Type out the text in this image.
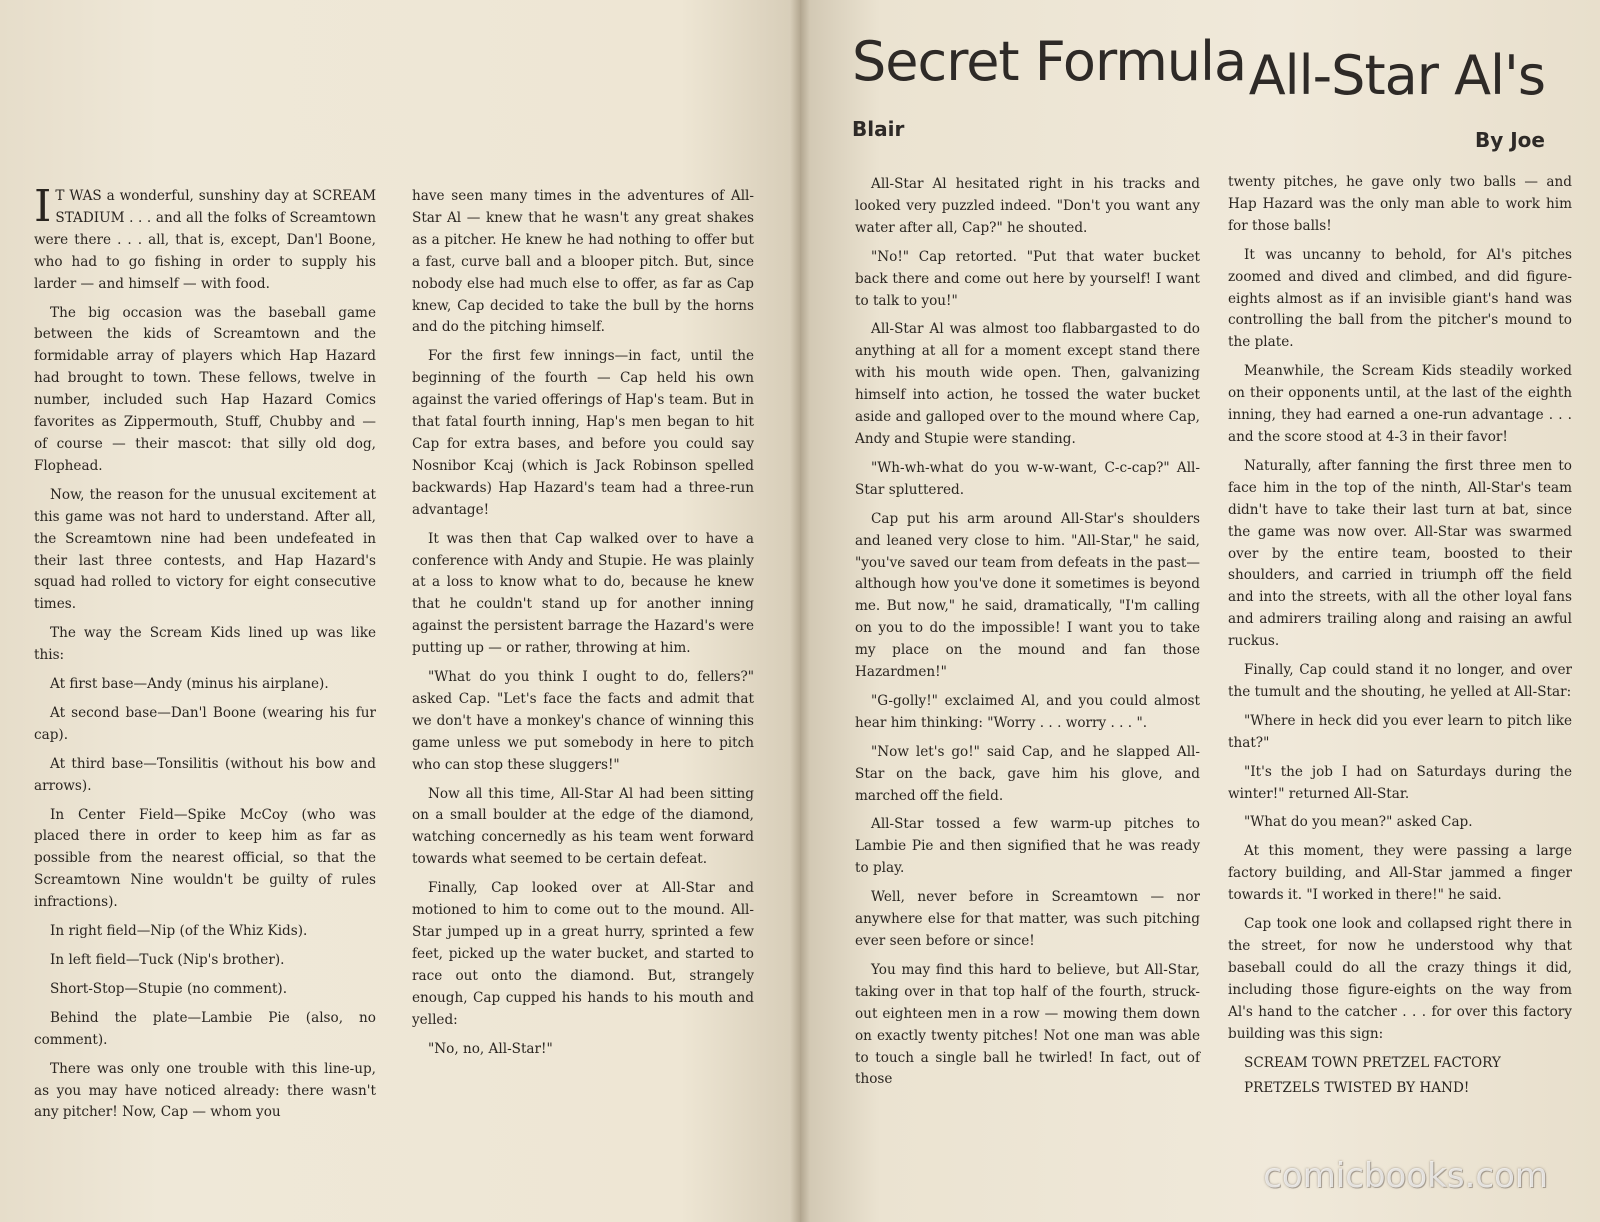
All-Star Al's
By Joe
Secret Formula
Blair

I T WAS a wonderful, sunshiny day at SCREAM STADIUM . . . and all the folks of Screamtown were there . . . all, that is, except, Dan'l Boone, who had to go fishing in order to supply his larder — and himself — with food.

The big occasion was the baseball game between the kids of Screamtown and the formidable array of players which Hap Hazard had brought to town. These fellows, twelve in number, included such Hap Hazard Comics favorites as Zippermouth, Stuff, Chubby and — of course — their mascot: that silly old dog, Flophead.

Now, the reason for the unusual excitement at this game was not hard to understand. After all, the Screamtown nine had been undefeated in their last three contests, and Hap Hazard's squad had rolled to victory for eight consecutive times.

The way the Scream Kids lined up was like this:

At first base—Andy (minus his airplane).

At second base—Dan'l Boone (wearing his fur cap).

At third base—Tonsilitis (without his bow and arrows).

In Center Field—Spike McCoy (who was placed there in order to keep him as far as possible from the nearest official, so that the Screamtown Nine wouldn't be guilty of rules infractions).

In right field—Nip (of the Whiz Kids).

In left field—Tuck (Nip's brother).

Short-Stop—Stupie (no comment).

Behind the plate—Lambie Pie (also, no comment).

There was only one trouble with this line-up, as you may have noticed already: there wasn't any pitcher! Now, Cap — whom you

have seen many times in the adventures of All-Star Al — knew that he wasn't any great shakes as a pitcher. He knew he had nothing to offer but a fast, curve ball and a blooper pitch. But, since nobody else had much else to offer, as far as Cap knew, Cap decided to take the bull by the horns and do the pitching himself.

For the first few innings—in fact, until the beginning of the fourth — Cap held his own against the varied offerings of Hap's team. But in that fatal fourth inning, Hap's men began to hit Cap for extra bases, and before you could say Nosnibor Kcaj (which is Jack Robinson spelled backwards) Hap Hazard's team had a three-run advantage!

It was then that Cap walked over to have a conference with Andy and Stupie. He was plainly at a loss to know what to do, because he knew that he couldn't stand up for another inning against the persistent barrage the Hazard's were putting up — or rather, throwing at him.

"What do you think I ought to do, fellers?" asked Cap. "Let's face the facts and admit that we don't have a monkey's chance of winning this game unless we put somebody in here to pitch who can stop these sluggers!"

Now all this time, All-Star Al had been sitting on a small boulder at the edge of the diamond, watching concernedly as his team went forward towards what seemed to be certain defeat.

Finally, Cap looked over at All-Star and motioned to him to come out to the mound. All-Star jumped up in a great hurry, sprinted a few feet, picked up the water bucket, and started to race out onto the diamond. But, strangely enough, Cap cupped his hands to his mouth and yelled:

"No, no, All-Star!"

All-Star Al hesitated right in his tracks and looked very puzzled indeed. "Don't you want any water after all, Cap?" he shouted.

"No!" Cap retorted. "Put that water bucket back there and come out here by yourself! I want to talk to you!"

All-Star Al was almost too flabbargasted to do anything at all for a moment except stand there with his mouth wide open. Then, galvanizing himself into action, he tossed the water bucket aside and galloped over to the mound where Cap, Andy and Stupie were standing.

"Wh-wh-what do you w-w-want, C-c-cap?" All-Star spluttered.

Cap put his arm around All-Star's shoulders and leaned very close to him. "All-Star," he said, "you've saved our team from defeats in the past—although how you've done it sometimes is beyond me. But now," he said, dramatically, "I'm calling on you to do the impossible! I want you to take my place on the mound and fan those Hazardmen!"

"G-golly!" exclaimed Al, and you could almost hear him thinking: "Worry . . . worry . . . ".

"Now let's go!" said Cap, and he slapped All-Star on the back, gave him his glove, and marched off the field.

All-Star tossed a few warm-up pitches to Lambie Pie and then signified that he was ready to play.

Well, never before in Screamtown — nor anywhere else for that matter, was such pitching ever seen before or since!

You may find this hard to believe, but All-Star, taking over in that top half of the fourth, struck-out eighteen men in a row — mowing them down on exactly twenty pitches! Not one man was able to touch a single ball he twirled! In fact, out of those

twenty pitches, he gave only two balls — and Hap Hazard was the only man able to work him for those balls!

It was uncanny to behold, for Al's pitches zoomed and dived and climbed, and did figure-eights almost as if an invisible giant's hand was controlling the ball from the pitcher's mound to the plate.

Meanwhile, the Scream Kids steadily worked on their opponents until, at the last of the eighth inning, they had earned a one-run advantage . . . and the score stood at 4-3 in their favor!

Naturally, after fanning the first three men to face him in the top of the ninth, All-Star's team didn't have to take their last turn at bat, since the game was now over. All-Star was swarmed over by the entire team, boosted to their shoulders, and carried in triumph off the field and into the streets, with all the other loyal fans and admirers trailing along and raising an awful ruckus.

Finally, Cap could stand it no longer, and over the tumult and the shouting, he yelled at All-Star:

"Where in heck did you ever learn to pitch like that?"

"It's the job I had on Saturdays during the winter!" returned All-Star.

"What do you mean?" asked Cap.

At this moment, they were passing a large factory building, and All-Star jammed a finger towards it. "I worked in there!" he said.

Cap took one look and collapsed right there in the street, for now he understood why that baseball could do all the crazy things it did, including those figure-eights on the way from Al's hand to the catcher . . . for over this factory building was this sign:

SCREAM TOWN PRETZEL FACTORY

PRETZELS TWISTED BY HAND!

comicbooks.com
